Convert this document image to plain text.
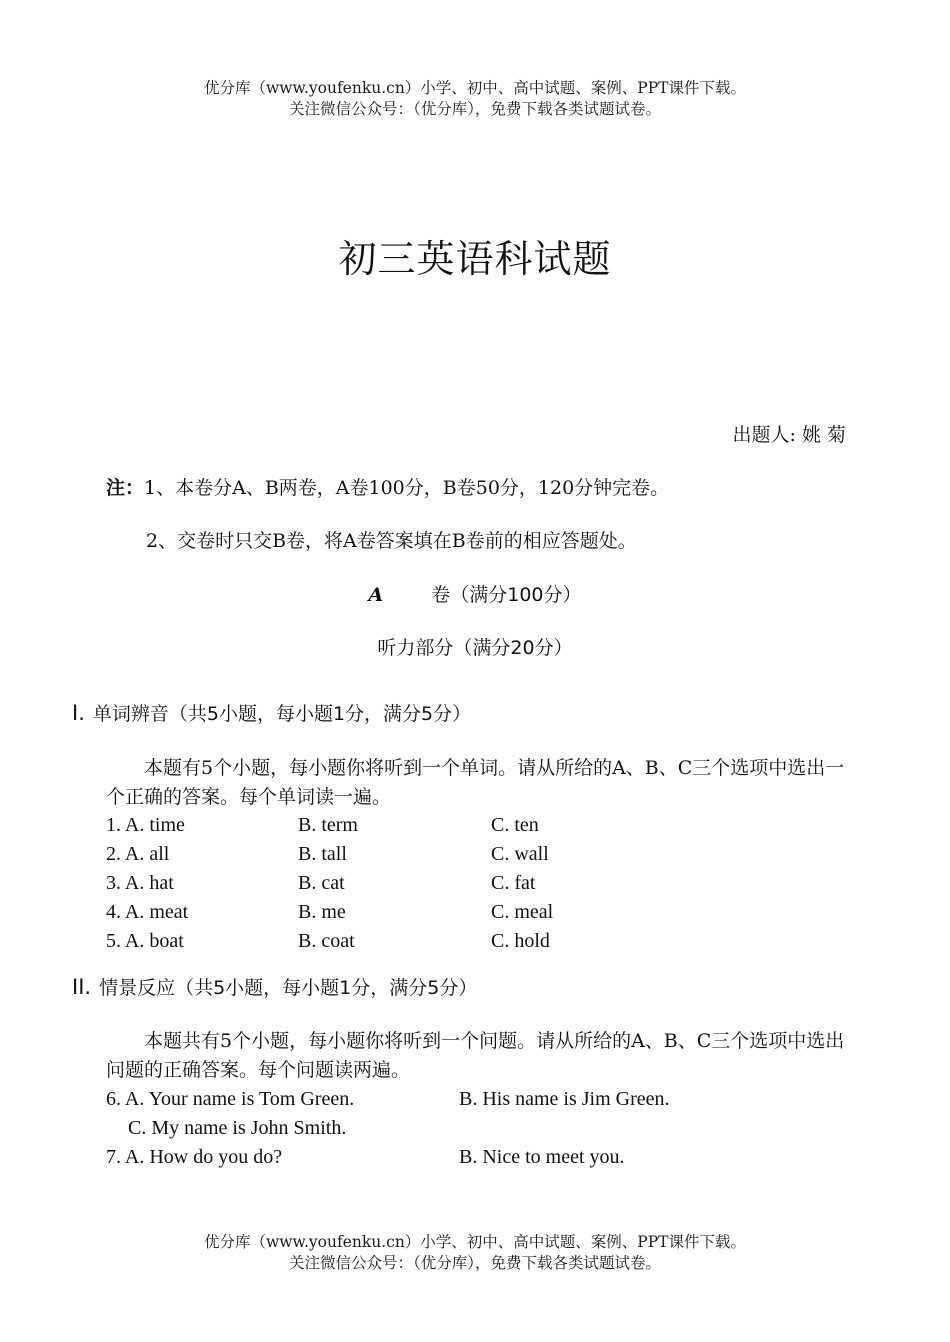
优分库（www.youfenku.cn）小学、初中、高中试题、案例、PPT课件下载。
关注微信公众号：（优分库），免费下载各类试题试卷。
初三英语科试题
出题人: 姚 菊
注：1、本卷分A、B两卷，A卷100分，B卷50分，120分钟完卷。
2、交卷时只交B卷，将A卷答案填在B卷前的相应答题处。
A	卷（满分100分）
听力部分（满分20分）
I. 单词辨音（共5小题，每小题1分，满分5分）
本题有5个小题，每小题你将听到一个单词。请从所给的A、B、C三个选项中选出一个正确的答案。每个单词读一遍。
1. A. time	B. term	C. ten
2. A. all	B. tall	C. wall
3. A. hat	B. cat	C. fat
4. A. meat	B. me	C. meal
5. A. boat	B. coat	C. hold
II. 情景反应（共5小题，每小题1分，满分5分）
本题共有5个小题，每小题你将听到一个问题。请从所给的A、B、C三个选项中选出问题的正确答案。每个问题读两遍。
6. A. Your name is Tom Green.	B. His name is Jim Green.
C. My name is John Smith.
7. A. How do you do?	B. Nice to meet you.
优分库（www.youfenku.cn）小学、初中、高中试题、案例、PPT课件下载。
关注微信公众号：（优分库），免费下载各类试题试卷。
